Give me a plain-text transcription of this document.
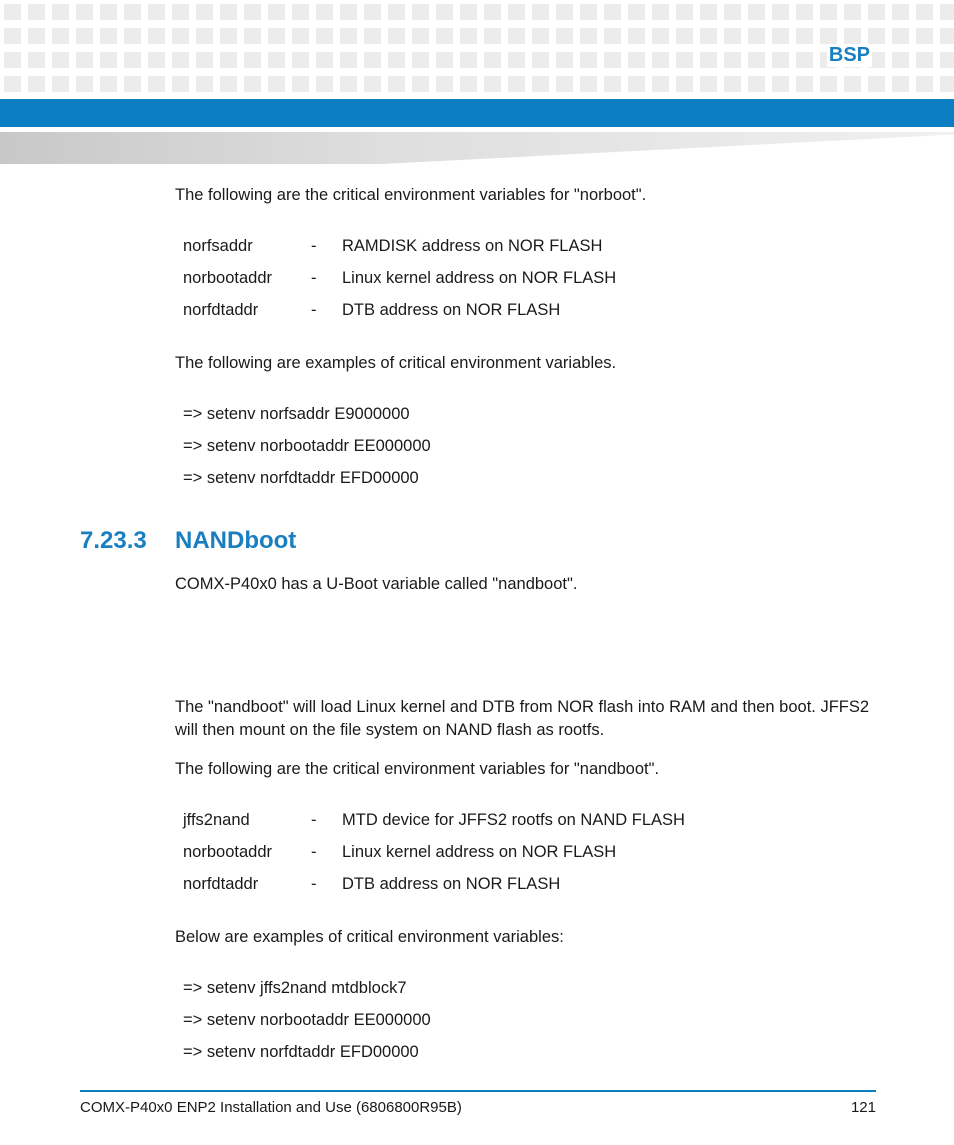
BSP

The following are the critical environment variables for "norboot".

norfsaddr	- RAMDISK address on NOR FLASH
norbootaddr - Linux kernel address on NOR FLASH
norfdtaddr	- DTB address on NOR FLASH

The following are examples of critical environment variables.

=> setenv norfsaddr E9000000
=> setenv norbootaddr EE000000
=> setenv norfdtaddr EFD00000

COMX-P40x0 has a U-Boot variable called "nandboot".

The "nandboot" will load Linux kernel and DTB from NOR flash into RAM and then boot. JFFS2 will then mount on the file system on NAND flash as rootfs.

The following are the critical environment variables for "nandboot".

jffs2nand	- MTD device for JFFS2 rootfs on NAND FLASH
norbootaddr - Linux kernel address on NOR FLASH
norfdtaddr	- DTB address on NOR FLASH

Below are examples of critical environment variables:

=> setenv jffs2nand mtdblock7
=> setenv norbootaddr EE000000
=> setenv norfdtaddr EFD00000
7.23.3 NANDboot
COMX-P40x0 ENP2 Installation and Use (6806800R95B)	121
